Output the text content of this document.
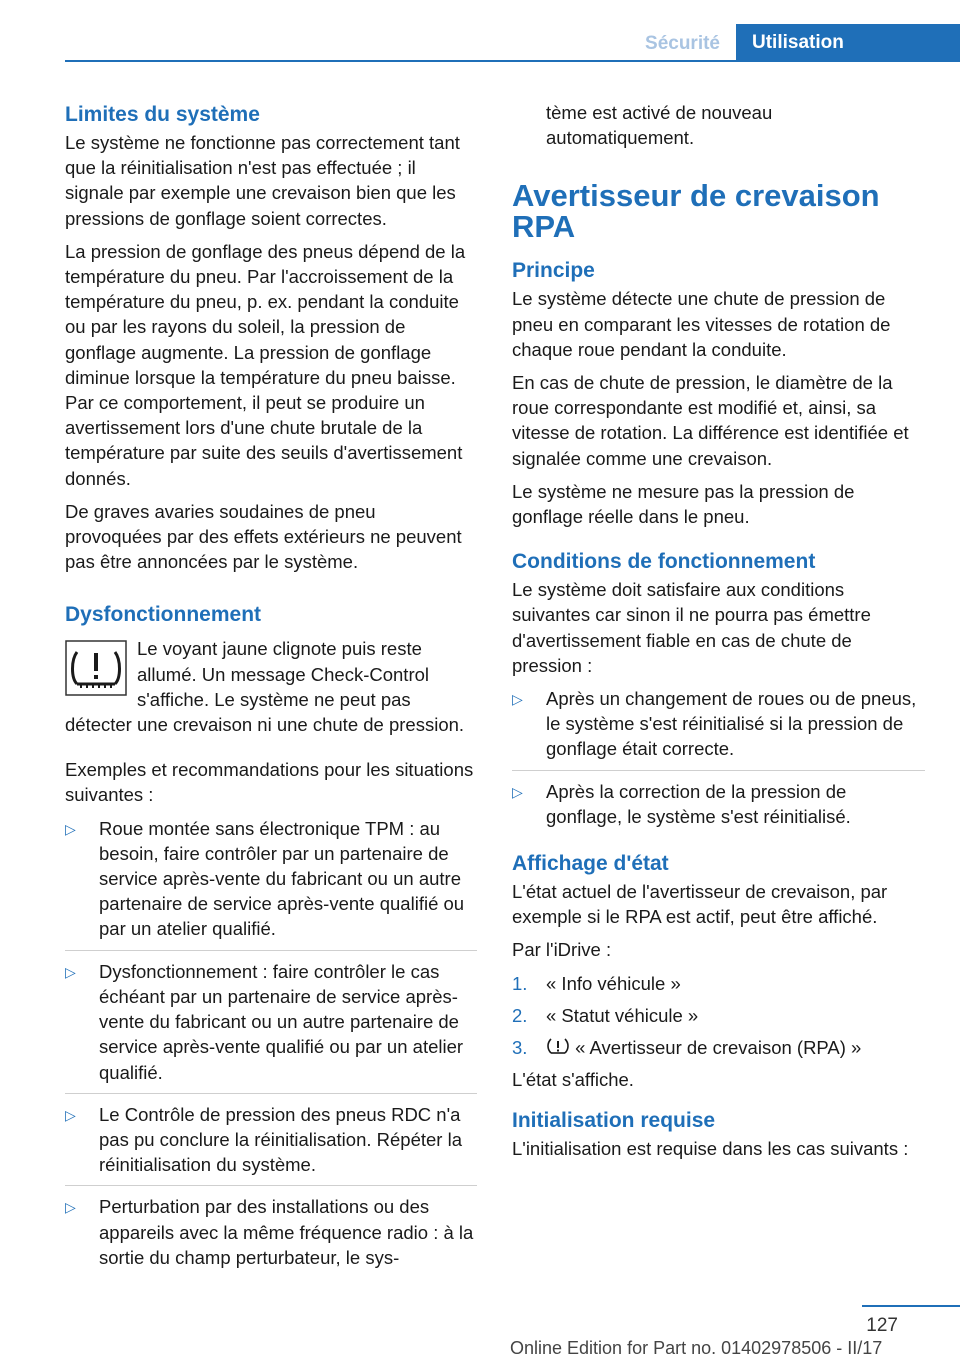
Sécurité	Utilisation
Limites du système

Le système ne fonctionne pas correctement tant que la réinitialisation n'est pas effectuée ; il signale par exemple une crevaison bien que les pressions de gonflage soient correctes.

La pression de gonflage des pneus dépend de la température du pneu. Par l'accroissement de la température du pneu, p. ex. pendant la conduite ou par les rayons du soleil, la pression de gonflage augmente. La pression de gonflage diminue lorsque la température du pneu baisse. Par ce comportement, il peut se produire un avertissement lors d'une chute brutale de la température par suite des seuils d'avertissement donnés.

De graves avaries soudaines de pneu provoquées par des effets extérieurs ne peuvent pas être annoncées par le système.

Dysfonctionnement

Le voyant jaune clignote puis reste allumé. Un message Check-Control s'affiche. Le système ne peut pas détecter une crevaison ni une chute de pression.

Exemples et recommandations pour les situations suivantes :

▷ Roue montée sans électronique TPM : au besoin, faire contrôler par un partenaire de service après-vente du fabricant ou un autre partenaire de service après-vente qualifié ou par un atelier qualifié.
▷ Dysfonctionnement : faire contrôler le cas échéant par un partenaire de service après-vente du fabricant ou un autre partenaire de service après-vente qualifié ou par un atelier qualifié.
▷ Le Contrôle de pression des pneus RDC n'a pas pu conclure la réinitialisation. Répéter la réinitialisation du système.
▷ Perturbation par des installations ou des appareils avec la même fréquence radio : à la sortie du champ perturbateur, le sys-

tème est activé de nouveau automatiquement.

Avertisseur de crevaison RPA
Principe

Le système détecte une chute de pression de pneu en comparant les vitesses de rotation de chaque roue pendant la conduite.

En cas de chute de pression, le diamètre de la roue correspondante est modifié et, ainsi, sa vitesse de rotation. La différence est identifiée et signalée comme une crevaison.

Le système ne mesure pas la pression de gonflage réelle dans le pneu.

Conditions de fonctionnement

Le système doit satisfaire aux conditions suivantes car sinon il ne pourra pas émettre d'avertissement fiable en cas de chute de pression :

▷ Après un changement de roues ou de pneus, le système s'est réinitialisé si la pression de gonflage était correcte.
▷ Après la correction de la pression de gonflage, le système s'est réinitialisé.
Affichage d'état

L'état actuel de l'avertisseur de crevaison, par exemple si le RPA est actif, peut être affiché.

Par l'iDrive :

1. « Info véhicule »
2. « Statut véhicule »
3. « Avertisseur de crevaison (RPA) »

L'état s'affiche.

Initialisation requise

L'initialisation est requise dans les cas suivants :

127
Online Edition for Part no. 01402978506 - II/17
